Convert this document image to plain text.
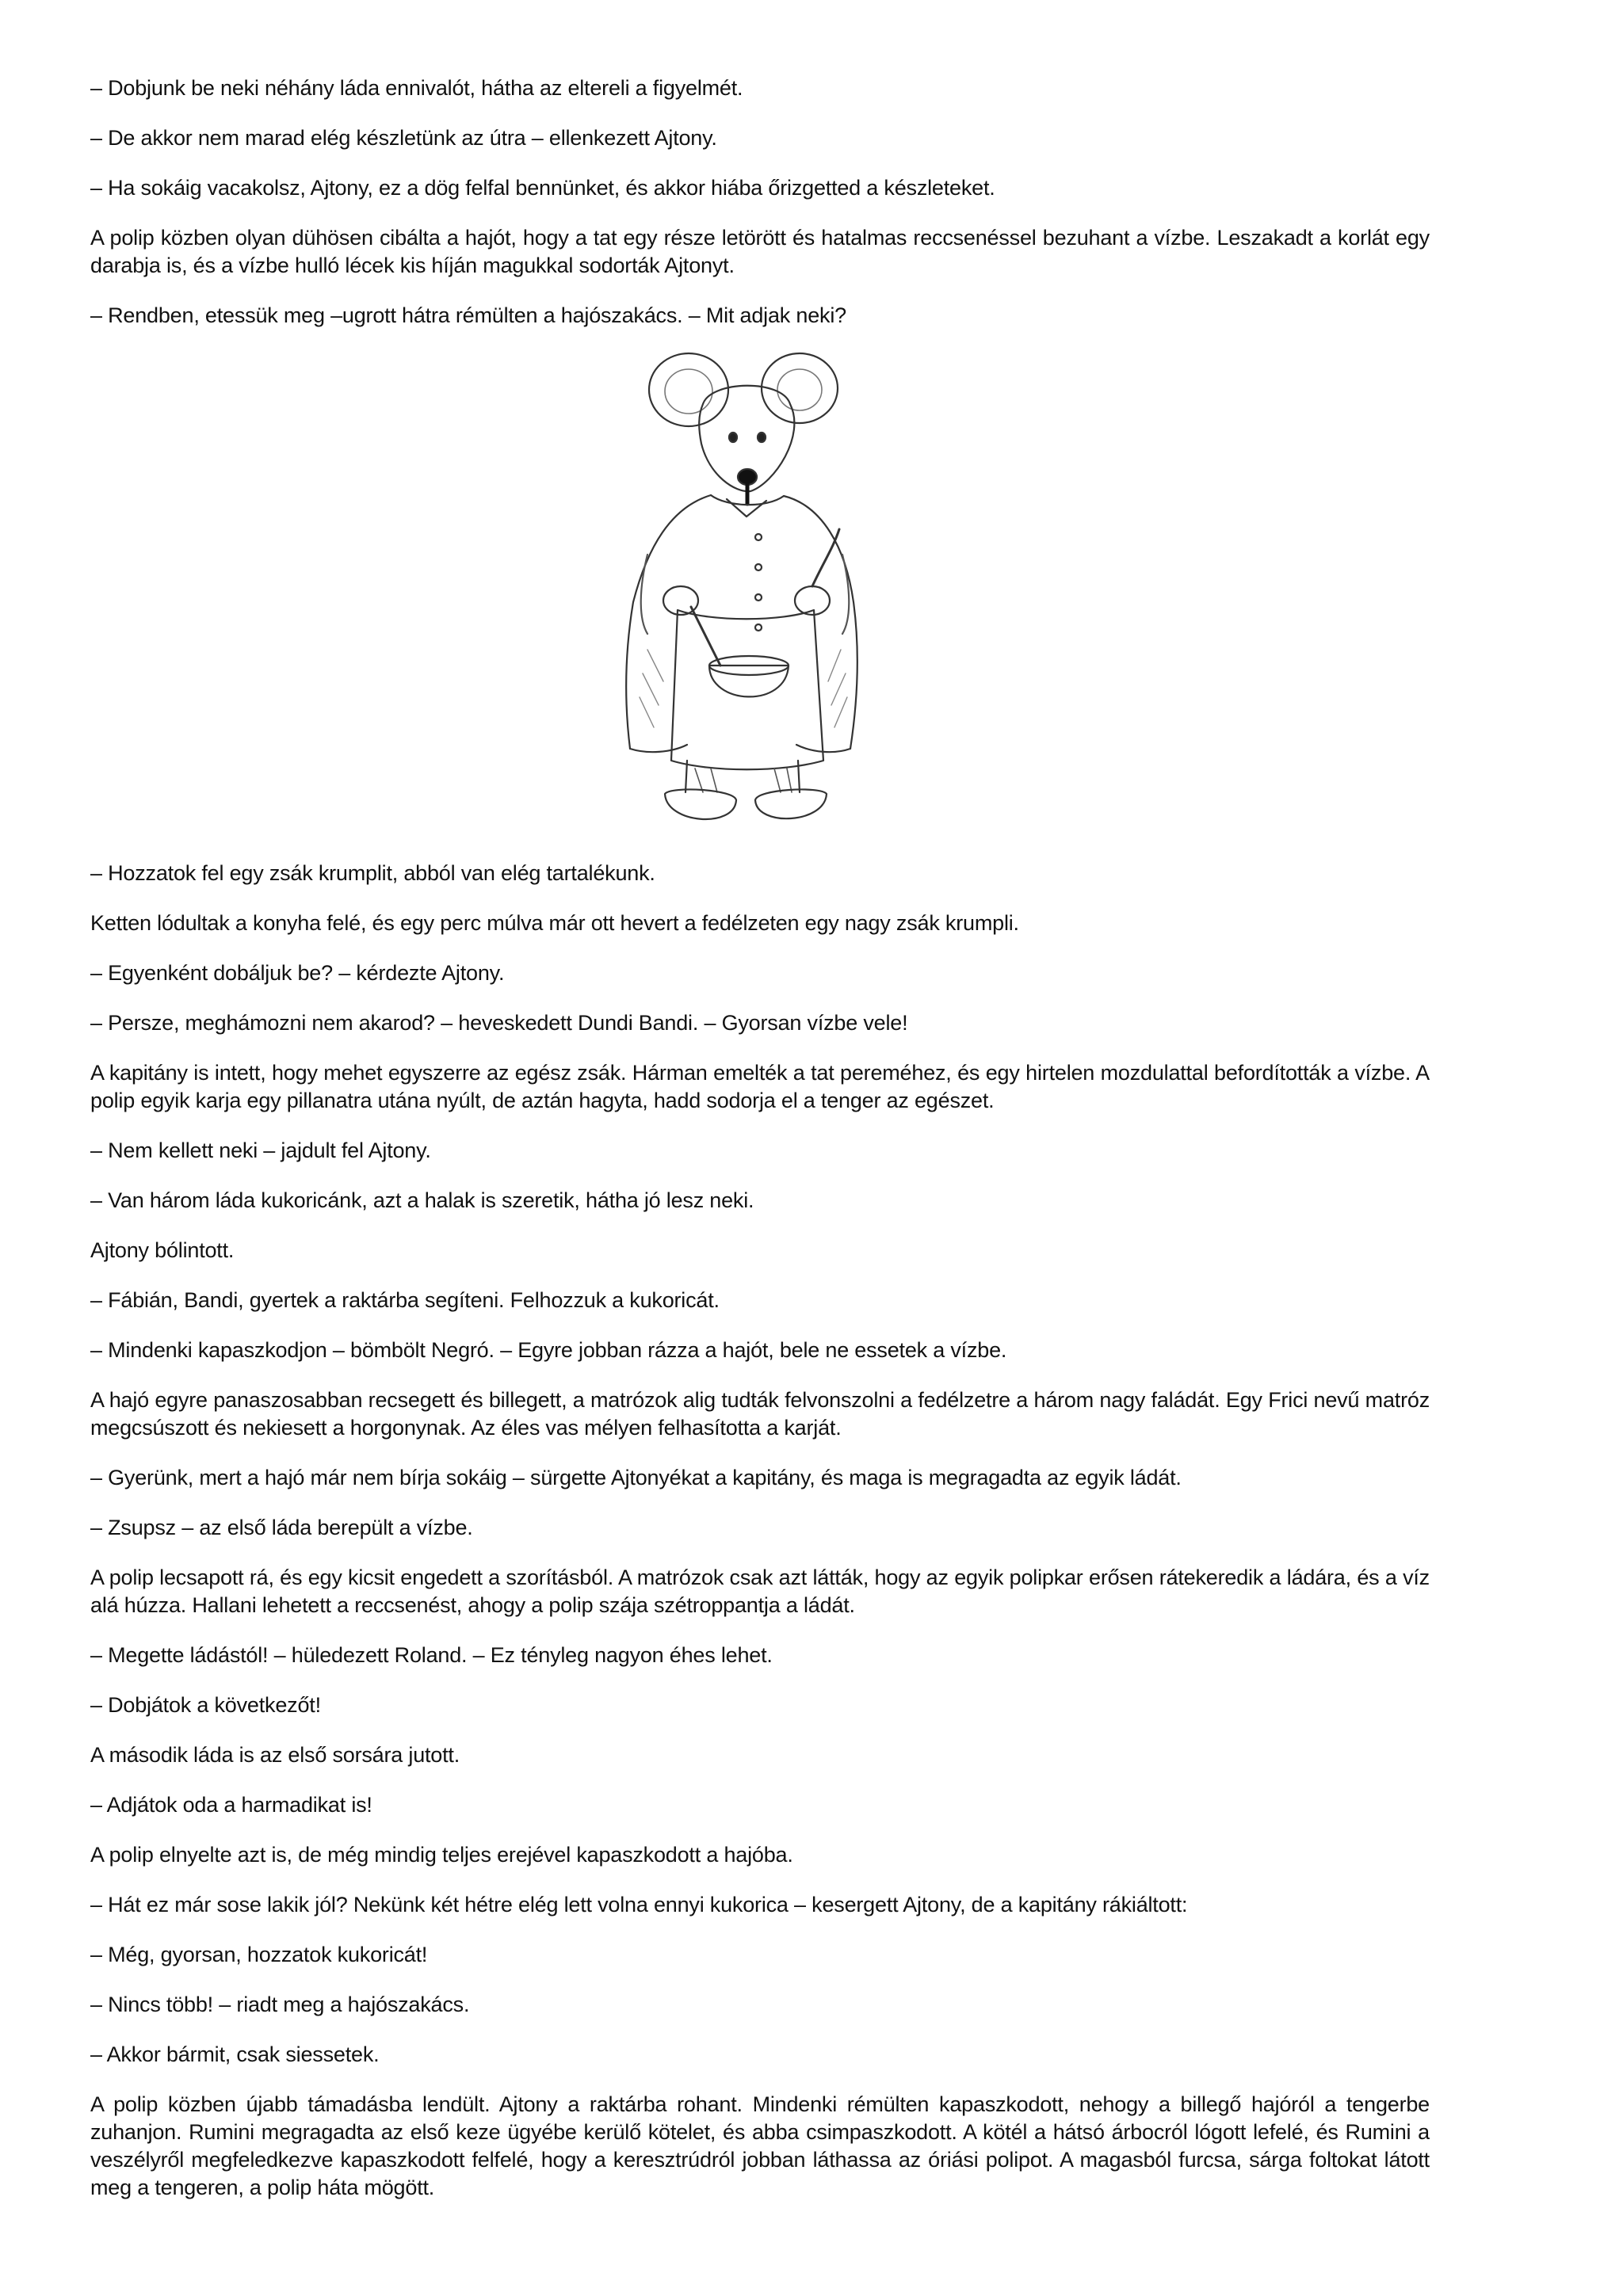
– Dobjunk be neki néhány láda ennivalót, hátha az eltereli a figyelmét.

– De akkor nem marad elég készletünk az útra – ellenkezett Ajtony.

– Ha sokáig vacakolsz, Ajtony, ez a dög felfal bennünket, és akkor hiába őrizgetted a készleteket.

A polip közben olyan dühösen cibálta a hajót, hogy a tat egy része letörött és hatalmas reccsenéssel bezuhant a vízbe. Leszakadt a korlát egy darabja is, és a vízbe hulló lécek kis híján magukkal sodorták Ajtonyt.

– Rendben, etessük meg –ugrott hátra rémülten a hajószakács. – Mit adjak neki?

– Hozzatok fel egy zsák krumplit, abból van elég tartalékunk.

Ketten lódultak a konyha felé, és egy perc múlva már ott hevert a fedélzeten egy nagy zsák krumpli.

– Egyenként dobáljuk be? – kérdezte Ajtony.

– Persze, meghámozni nem akarod? – heveskedett Dundi Bandi. – Gyorsan vízbe vele!

A kapitány is intett, hogy mehet egyszerre az egész zsák. Hárman emelték a tat pereméhez, és egy hirtelen mozdulattal befordították a vízbe. A polip egyik karja egy pillanatra utána nyúlt, de aztán hagyta, hadd sodorja el a tenger az egészet.

– Nem kellett neki – jajdult fel Ajtony.

– Van három láda kukoricánk, azt a halak is szeretik, hátha jó lesz neki.

Ajtony bólintott.

– Fábián, Bandi, gyertek a raktárba segíteni. Felhozzuk a kukoricát.

– Mindenki kapaszkodjon – bömbölt Negró. – Egyre jobban rázza a hajót, bele ne essetek a vízbe.

A hajó egyre panaszosabban recsegett és billegett, a matrózok alig tudták felvonszolni a fedélzetre a három nagy faládát. Egy Frici nevű matróz megcsúszott és nekiesett a horgonynak. Az éles vas mélyen felhasította a karját.

– Gyerünk, mert a hajó már nem bírja sokáig – sürgette Ajtonyékat a kapitány, és maga is megragadta az egyik ládát.

– Zsupsz – az első láda berepült a vízbe.

A polip lecsapott rá, és egy kicsit engedett a szorításból. A matrózok csak azt látták, hogy az egyik polipkar erősen rátekeredik a ládára, és a víz alá húzza. Hallani lehetett a reccsenést, ahogy a polip szája szétroppantja a ládát.

– Megette ládástól! – hüledezett Roland. – Ez tényleg nagyon éhes lehet.

– Dobjátok a következőt!

A második láda is az első sorsára jutott.

– Adjátok oda a harmadikat is!

A polip elnyelte azt is, de még mindig teljes erejével kapaszkodott a hajóba.

– Hát ez már sose lakik jól? Nekünk két hétre elég lett volna ennyi kukorica – kesergett Ajtony, de a kapitány rákiáltott:

– Még, gyorsan, hozzatok kukoricát!

– Nincs több! – riadt meg a hajószakács.

– Akkor bármit, csak siessetek.

A polip közben újabb támadásba lendült. Ajtony a raktárba rohant. Mindenki rémülten kapaszkodott, nehogy a billegő hajóról a tengerbe zuhanjon. Rumini megragadta az első keze ügyébe kerülő kötelet, és abba csimpaszkodott. A kötél a hátsó árbocról lógott lefelé, és Rumini a veszélyről megfeledkezve kapaszkodott felfelé, hogy a keresztrúdról jobban láthassa az óriási polipot. A magasból furcsa, sárga foltokat látott meg a tengeren, a polip háta mögött.
